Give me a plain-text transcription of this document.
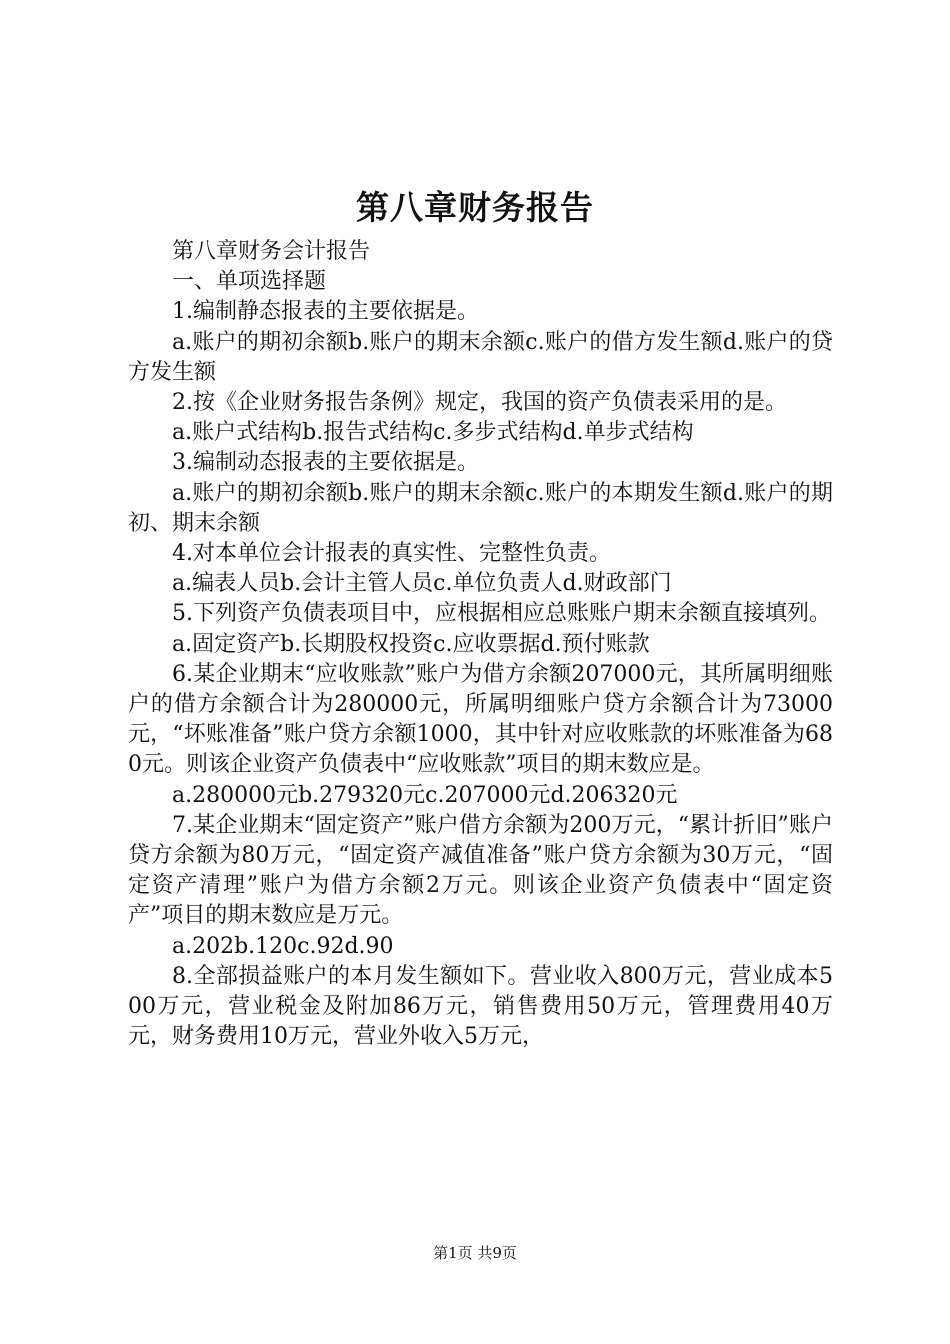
第八章财务报告

第八章财务会计报告

一、单项选择题

1.编制静态报表的主要依据是。

a.账户的期初余额b.账户的期末余额c.账户的借方发生额d.账户的贷方发生额

2.按《企业财务报告条例》规定，我国的资产负债表采用的是。

a.账户式结构b.报告式结构c.多步式结构d.单步式结构

3.编制动态报表的主要依据是。

a.账户的期初余额b.账户的期末余额c.账户的本期发生额d.账户的期初、期末余额

4.对本单位会计报表的真实性、完整性负责。

a.编表人员b.会计主管人员c.单位负责人d.财政部门

5.下列资产负债表项目中，应根据相应总账账户期末余额直接填列。

a.固定资产b.长期股权投资c.应收票据d.预付账款

6.某企业期末“应收账款”账户为借方余额207000元，其所属明细账户的借方余额合计为280000元，所属明细账户贷方余额合计为73000元，“坏账准备”账户贷方余额1000，其中针对应收账款的坏账准备为680元。则该企业资产负债表中“应收账款”项目的期末数应是。

a.280000元b.279320元c.207000元d.206320元

7.某企业期末“固定资产”账户借方余额为200万元，“累计折旧”账户贷方余额为80万元，“固定资产减值准备”账户贷方余额为30万元，“固定资产清理”账户为借方余额2万元。则该企业资产负债表中“固定资产”项目的期末数应是万元。

a.202b.120c.92d.90

8.全部损益账户的本月发生额如下。营业收入800万元，营业成本500万元，营业税金及附加86万元，销售费用50万元，管理费用40万元，财务费用10万元，营业外收入5万元，

第1页 共9页
